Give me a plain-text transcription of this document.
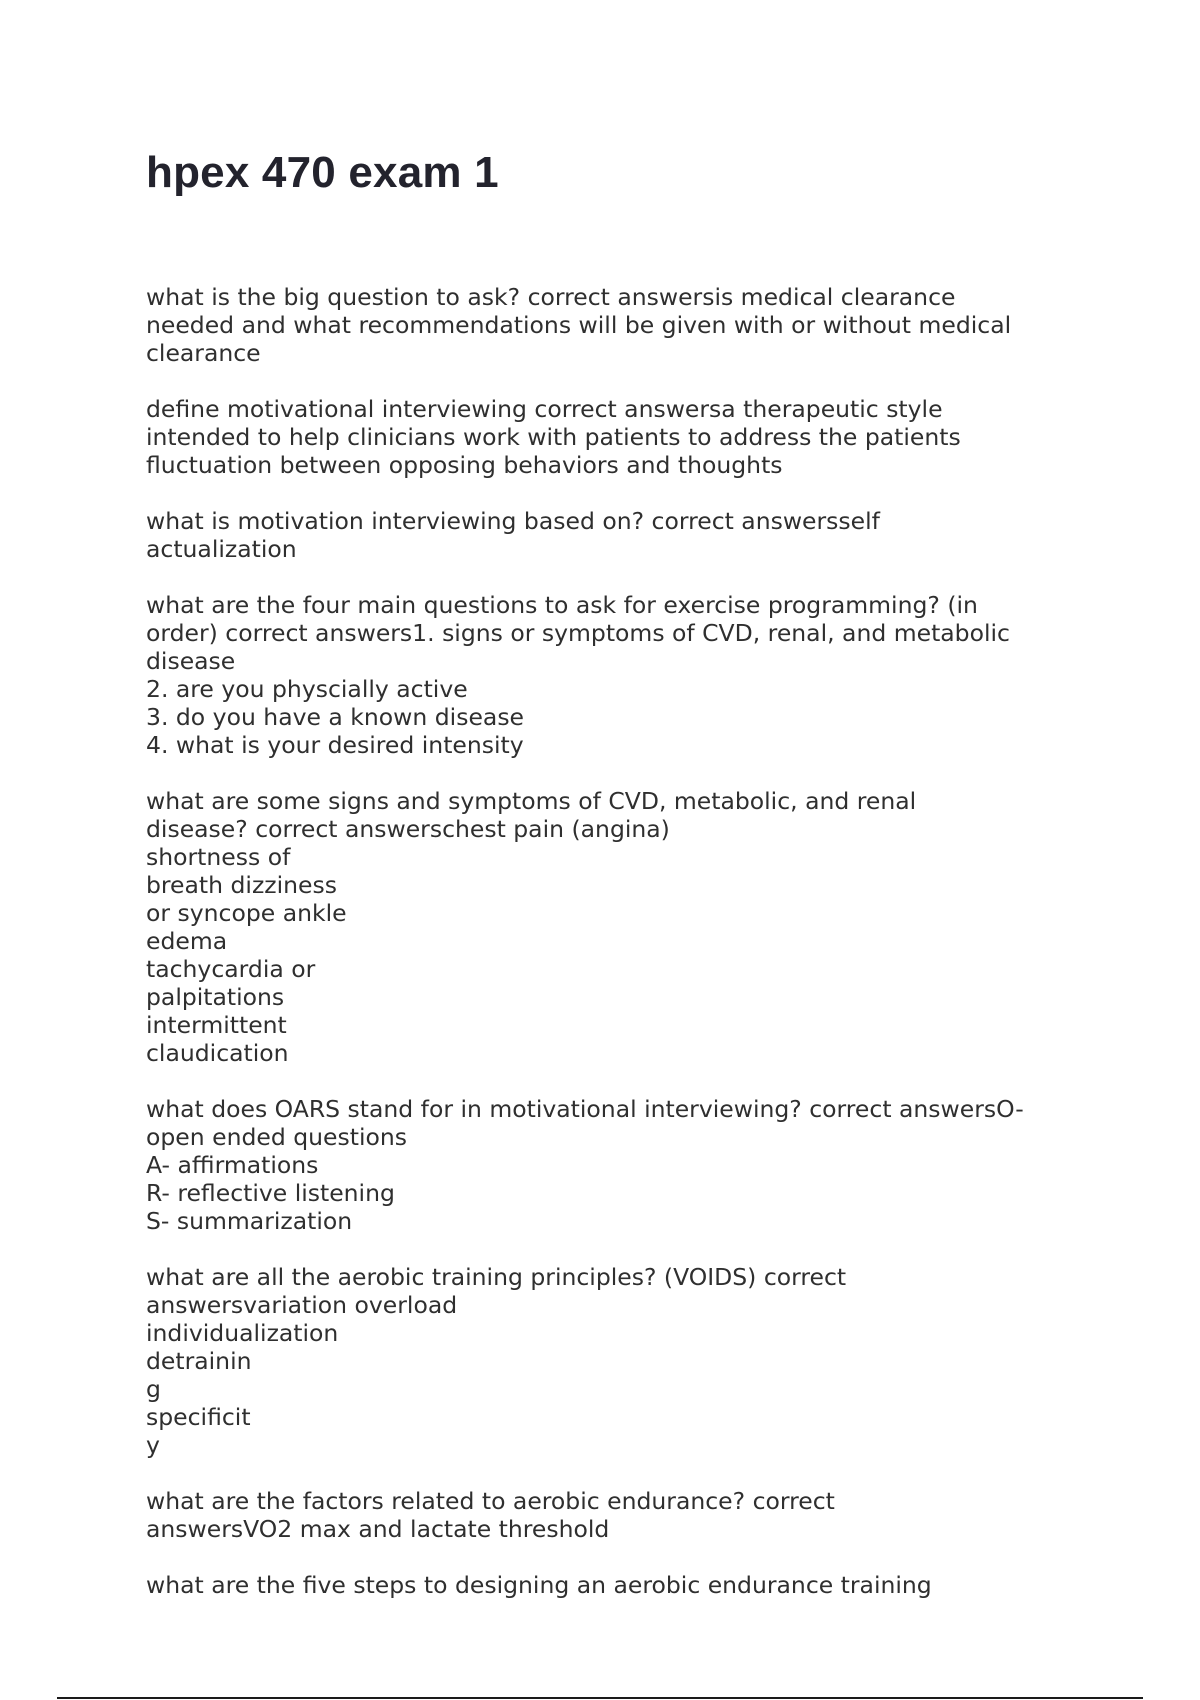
hpex 470 exam 1

what is the big question to ask? correct answersis medical clearance
needed and what recommendations will be given with or without medical
clearance

define motivational interviewing correct answersa therapeutic style
intended to help clinicians work with patients to address the patients
fluctuation between opposing behaviors and thoughts

what is motivation interviewing based on? correct answersself
actualization

what are the four main questions to ask for exercise programming? (in
order) correct answers1. signs or symptoms of CVD, renal, and metabolic
disease
2. are you physcially active
3. do you have a known disease
4. what is your desired intensity

what are some signs and symptoms of CVD, metabolic, and renal
disease? correct answerschest pain (angina)
shortness of
breath dizziness
or syncope ankle
edema
tachycardia or
palpitations
intermittent
claudication

what does OARS stand for in motivational interviewing? correct answersO-
open ended questions
A- affirmations
R- reflective listening
S- summarization

what are all the aerobic training principles? (VOIDS) correct
answersvariation overload
individualization
detrainin
g
specificit
y

what are the factors related to aerobic endurance? correct
answersVO2 max and lactate threshold

what are the five steps to designing an aerobic endurance training
